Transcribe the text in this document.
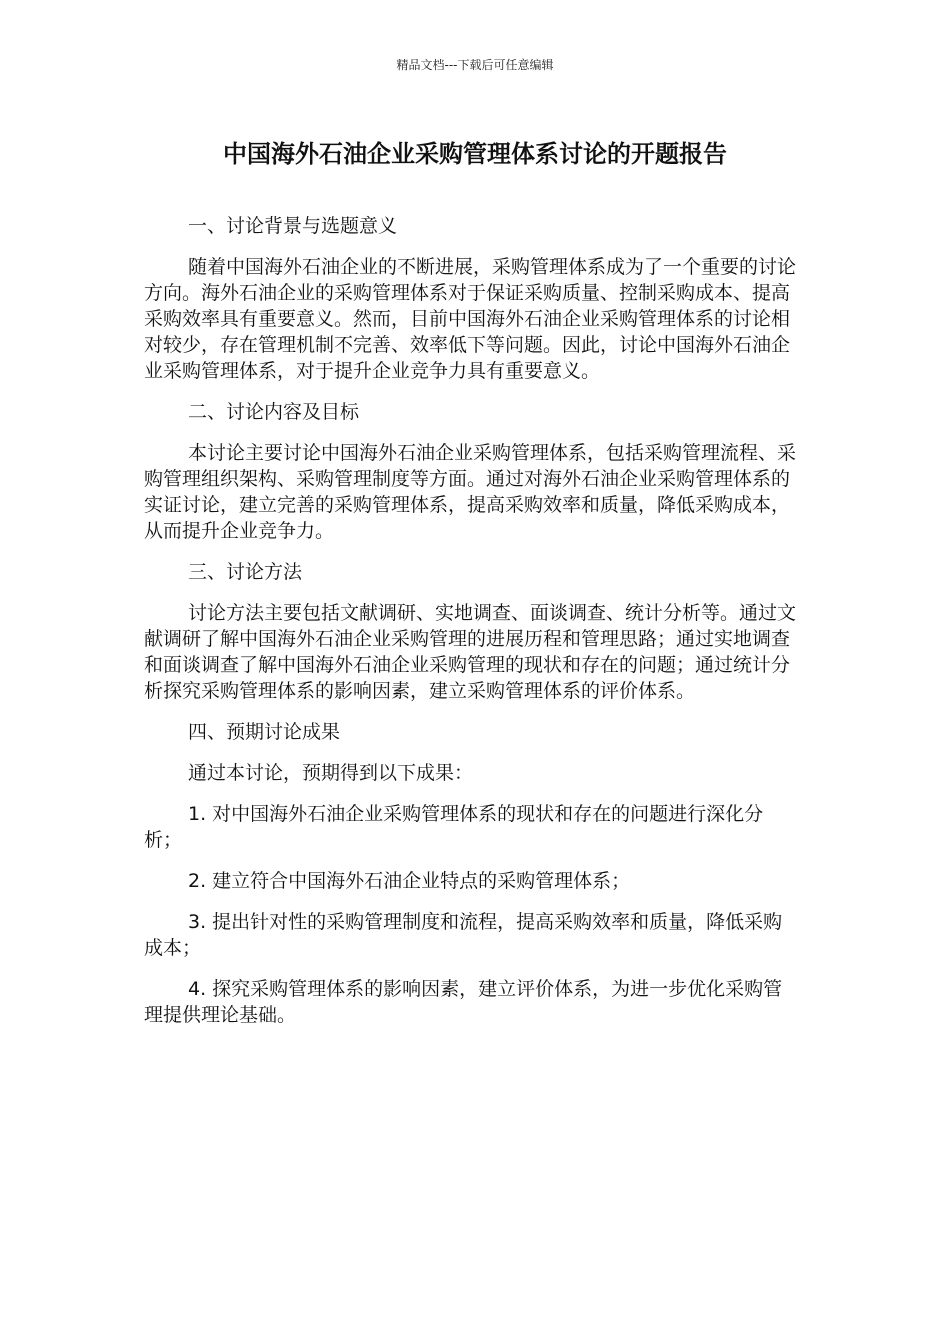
精品文档---下载后可任意编辑
中国海外石油企业采购管理体系讨论的开题报告

一、讨论背景与选题意义

随着中国海外石油企业的不断进展，采购管理体系成为了一个重要的讨论方向。海外石油企业的采购管理体系对于保证采购质量、控制采购成本、提高采购效率具有重要意义。然而，目前中国海外石油企业采购管理体系的讨论相对较少，存在管理机制不完善、效率低下等问题。因此，讨论中国海外石油企业采购管理体系，对于提升企业竞争力具有重要意义。

二、讨论内容及目标

本讨论主要讨论中国海外石油企业采购管理体系，包括采购管理流程、采购管理组织架构、采购管理制度等方面。通过对海外石油企业采购管理体系的实证讨论，建立完善的采购管理体系，提高采购效率和质量，降低采购成本，从而提升企业竞争力。

三、讨论方法

讨论方法主要包括文献调研、实地调查、面谈调查、统计分析等。通过文献调研了解中国海外石油企业采购管理的进展历程和管理思路；通过实地调查和面谈调查了解中国海外石油企业采购管理的现状和存在的问题；通过统计分析探究采购管理体系的影响因素，建立采购管理体系的评价体系。

四、预期讨论成果

通过本讨论，预期得到以下成果：

1. 对中国海外石油企业采购管理体系的现状和存在的问题进行深化分析；

2. 建立符合中国海外石油企业特点的采购管理体系；

3. 提出针对性的采购管理制度和流程，提高采购效率和质量，降低采购成本；

4. 探究采购管理体系的影响因素，建立评价体系，为进一步优化采购管理提供理论基础。
